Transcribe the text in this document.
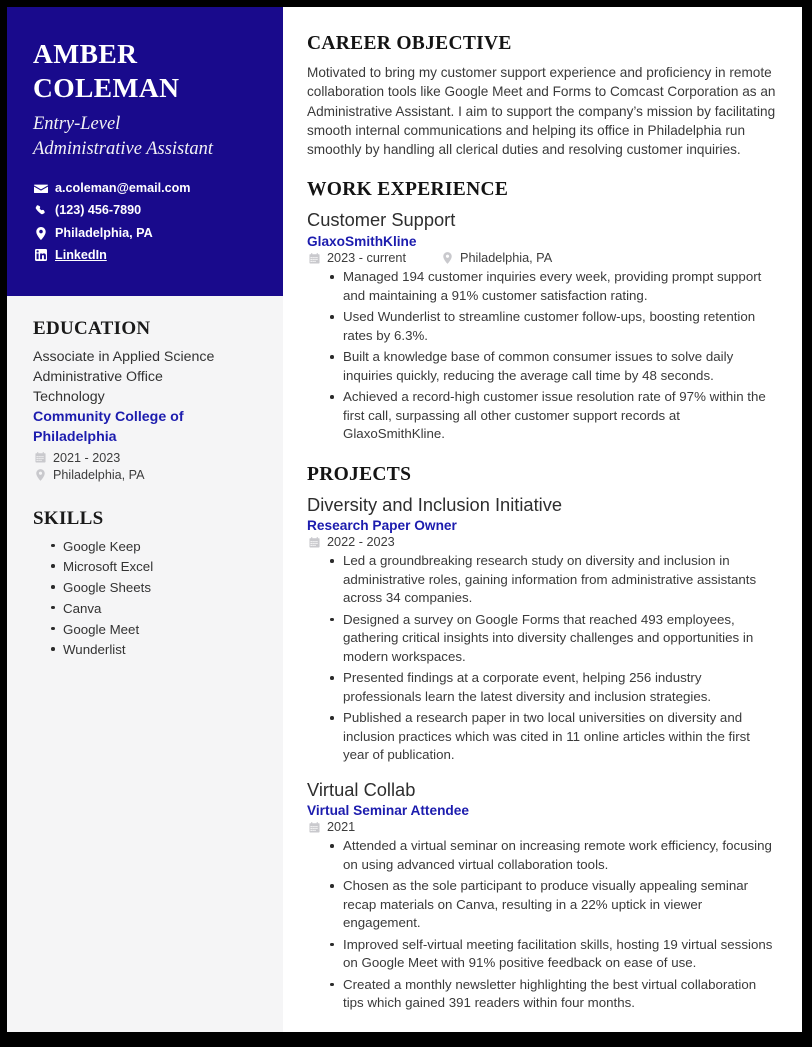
AMBER
COLEMAN

Entry-Level
Administrative Assistant

a.coleman@email.com
(123) 456-7890
Philadelphia, PA
LinkedIn
EDUCATION

Associate in Applied Science
Administrative Office
Technology

Community College of
Philadelphia

2021 - 2023
Philadelphia, PA
SKILLS
Google Keep
Microsoft Excel
Google Sheets
Canva
Google Meet
Wunderlist
CAREER OBJECTIVE

Motivated to bring my customer support experience and proficiency in remote collaboration tools like Google Meet and Forms to Comcast Corporation as an Administrative Assistant. I aim to support the company’s mission by facilitating smooth internal communications and helping its office in Philadelphia run smoothly by handling all clerical duties and resolving customer inquiries.

WORK EXPERIENCE
Customer Support

GlaxoSmithKline

2023 - current	Philadelphia, PA
Managed 194 customer inquiries every week, providing prompt support and maintaining a 91% customer satisfaction rating.
Used Wunderlist to streamline customer follow-ups, boosting retention rates by 6.3%.
Built a knowledge base of common consumer issues to solve daily inquiries quickly, reducing the average call time by 48 seconds.
Achieved a record-high customer issue resolution rate of 97% within the first call, surpassing all other customer support records at GlaxoSmithKline.
PROJECTS
Diversity and Inclusion Initiative

Research Paper Owner

2022 - 2023
Led a groundbreaking research study on diversity and inclusion in administrative roles, gaining information from administrative assistants across 34 companies.
Designed a survey on Google Forms that reached 493 employees, gathering critical insights into diversity challenges and opportunities in modern workspaces.
Presented findings at a corporate event, helping 256 industry professionals learn the latest diversity and inclusion strategies.
Published a research paper in two local universities on diversity and inclusion practices which was cited in 11 online articles within the first year of publication.
Virtual Collab

Virtual Seminar Attendee

2021
Attended a virtual seminar on increasing remote work efficiency, focusing on using advanced virtual collaboration tools.
Chosen as the sole participant to produce visually appealing seminar recap materials on Canva, resulting in a 22% uptick in viewer engagement.
Improved self-virtual meeting facilitation skills, hosting 19 virtual sessions on Google Meet with 91% positive feedback on ease of use.
Created a monthly newsletter highlighting the best virtual collaboration tips which gained 391 readers within four months.
